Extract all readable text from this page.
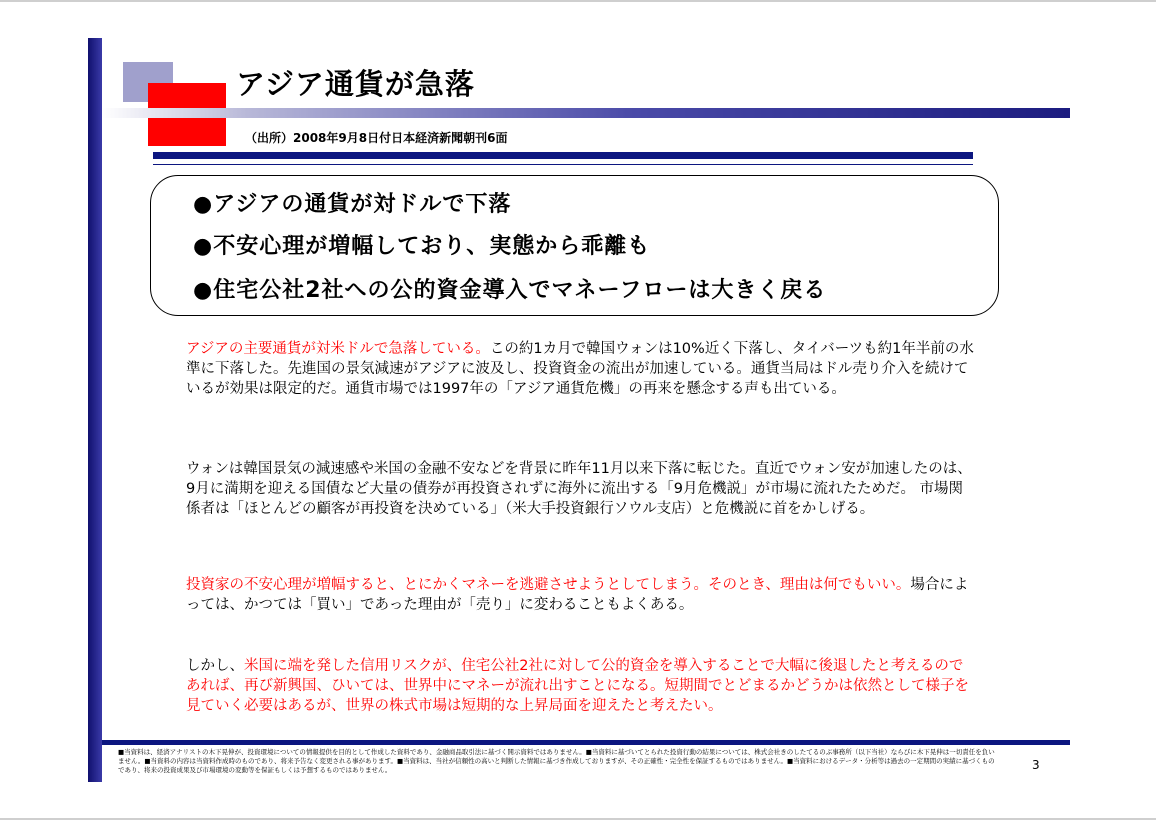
アジア通貨が急落
（出所）2008年9月8日付日本経済新聞朝刊6面
●アジアの通貨が対ドルで下落
●不安心理が増幅しており、実態から乖離も
●住宅公社2社への公的資金導入でマネーフローは大きく戻る
アジアの主要通貨が対米ドルで急落している。この約1カ月で韓国ウォンは10%近く下落し、タイバーツも約1年半前の水準に下落した。先進国の景気減速がアジアに波及し、投資資金の流出が加速している。通貨当局はドル売り介入を続けているが効果は限定的だ。通貨市場では1997年の「アジア通貨危機」の再来を懸念する声も出ている。
ウォンは韓国景気の減速感や米国の金融不安などを背景に昨年11月以来下落に転じた。直近でウォン安が加速したのは、9月に満期を迎える国債など大量の債券が再投資されずに海外に流出する「9月危機説」が市場に流れたためだ。 市場関係者は「ほとんどの顧客が再投資を決めている」（米大手投資銀行ソウル支店）と危機説に首をかしげる。
投資家の不安心理が増幅すると、とにかくマネーを逃避させようとしてしまう。そのとき、理由は何でもいい。場合によっては、かつては「買い」であった理由が「売り」に変わることもよくある。
しかし、米国に端を発した信用リスクが、住宅公社2社に対して公的資金を導入することで大幅に後退したと考えるのであれば、再び新興国、ひいては、世界中にマネーが流れ出すことになる。短期間でとどまるかどうかは依然として様子を見ていく必要はあるが、世界の株式市場は短期的な上昇局面を迎えたと考えたい。
■当資料は、経済アナリストの木下晃伸が、投資環境についての情報提供を目的として作成した資料であり、金融商品取引法に基づく開示資料ではありません。■当資料に基づいてとられた投資行動の結果については、株式会社きのしたてるのぶ事務所（以下当社）ならびに木下晃伸は一切責任を負いません。■当資料の内容は当資料作成時のものであり、将来予告なく変更される事があります。■当資料は、当社が信頼性の高いと判断した情報に基づき作成しておりますが、その正確性・完全性を保証するものではありません。■当資料におけるデータ・分析等は過去の一定期間の実績に基づくものであり、将来の投資成果及び市場環境の変動等を保証もしくは予想するものではありません。	3
